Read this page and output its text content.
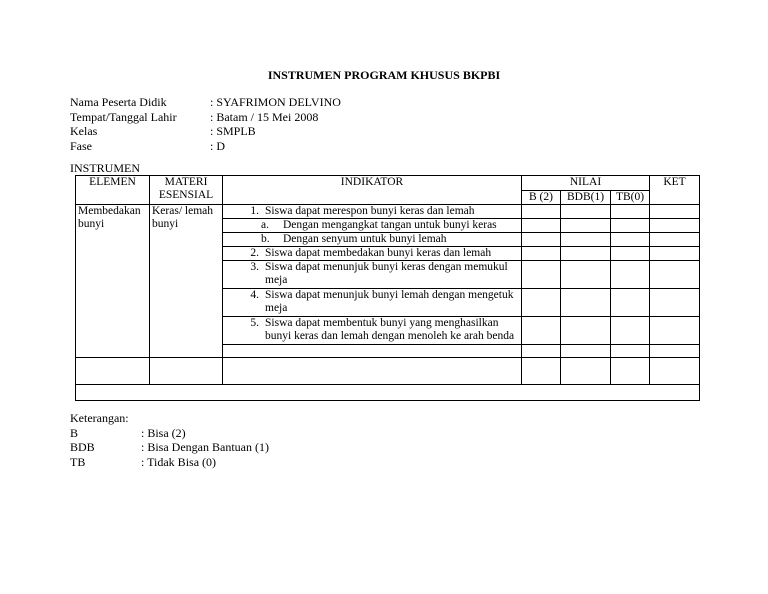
INSTRUMEN PROGRAM KHUSUS BKPBI
Nama Peserta Didik	: SYAFRIMON DELVINO
Tempat/Tanggal Lahir	: Batam / 15 Mei 2008
Kelas	: SMPLB
Fase	: D
INSTRUMEN
ELEMEN	MATERI ESENSIAL	INDIKATOR	NILAI			KET
			B (2)	BDB(1)	TB(0)	
Membedakan bunyi	Keras/ lemah bunyi	1. Siswa dapat merespon bunyi keras dan lemah				

		a. Dengan mengangkat tangan untuk bunyi keras				

		b. Dengan senyum untuk bunyi lemah				

		2. Siswa dapat membedakan bunyi keras dan lemah				

		3. Siswa dapat menunjuk bunyi keras dengan memukul meja				

		4. Siswa dapat menunjuk bunyi lemah dengan mengetuk meja				

		5. Siswa dapat membentuk bunyi yang menghasilkan bunyi keras dan lemah dengan menoleh ke arah benda				

Keterangan:
B	: Bisa (2)
BDB	: Bisa Dengan Bantuan (1)
TB	: Tidak Bisa (0)
